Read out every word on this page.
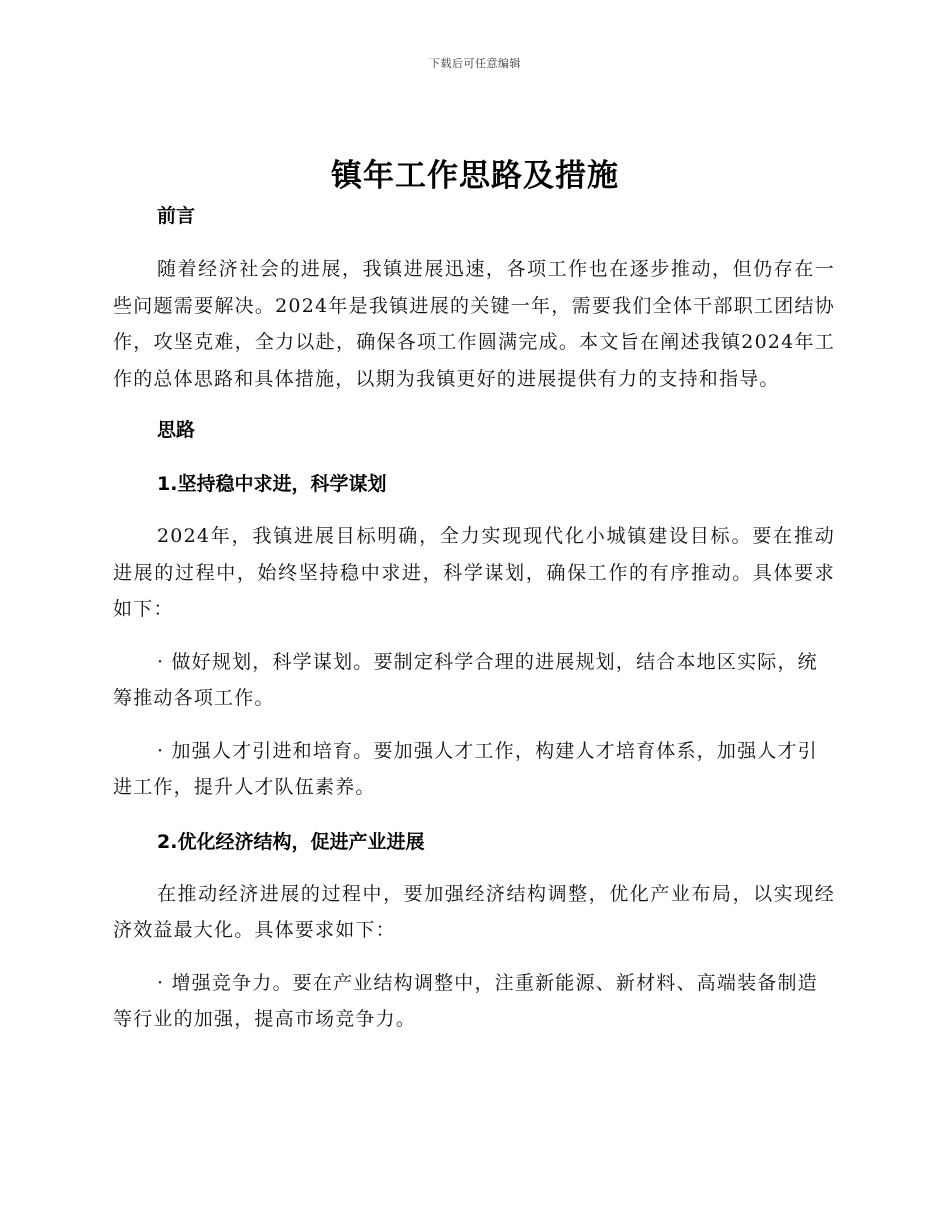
下载后可任意编辑
镇年工作思路及措施

前言

随着经济社会的进展，我镇进展迅速，各项工作也在逐步推动，但仍存在一些问题需要解决。2024年是我镇进展的关键一年，需要我们全体干部职工团结协作，攻坚克难，全力以赴，确保各项工作圆满完成。本文旨在阐述我镇2024年工作的总体思路和具体措施，以期为我镇更好的进展提供有力的支持和指导。

思路

1.坚持稳中求进，科学谋划

2024年，我镇进展目标明确，全力实现现代化小城镇建设目标。要在推动进展的过程中，始终坚持稳中求进，科学谋划，确保工作的有序推动。具体要求如下：

· 做好规划，科学谋划。要制定科学合理的进展规划，结合本地区实际，统筹推动各项工作。

· 加强人才引进和培育。要加强人才工作，构建人才培育体系，加强人才引进工作，提升人才队伍素养。

2.优化经济结构，促进产业进展

在推动经济进展的过程中，要加强经济结构调整，优化产业布局，以实现经济效益最大化。具体要求如下：

· 增强竞争力。要在产业结构调整中，注重新能源、新材料、高端装备制造等行业的加强，提高市场竞争力。
